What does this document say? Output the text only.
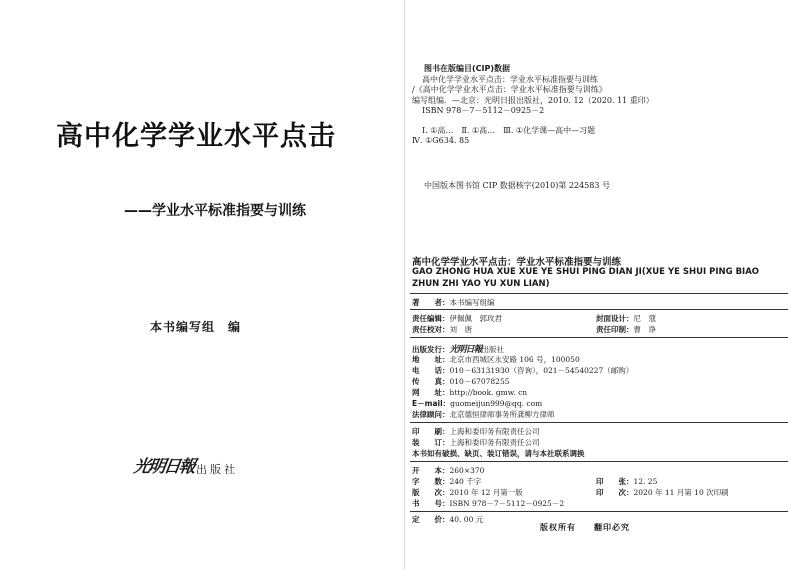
高中化学学业水平点击
——学业水平标准指要与训练
本书编写组　编
光明日報 出版社
图书在版编目(CIP)数据
高中化学学业水平点击：学业水平标准指要与训练
/《高中化学学业水平点击：学业水平标准指要与训练》
编写组编．—北京：光明日报出版社，2010. 12（2020. 11 重印）
ISBN 978－7－5112－0925－2
Ⅰ. ①高…　Ⅱ. ①高…　Ⅲ. ①化学课—高中—习题
Ⅳ. ①G634. 85
中国版本图书馆 CIP 数据核字(2010)第 224583 号
高中化学学业水平点击：学业水平标准指要与训练
GAO ZHONG HUA XUE XUE YE SHUI PING DIAN JI(XUE YE SHUI PING BIAO ZHUN ZHI YAO YU XUN LIAN)
著　　者：本书编写组编
责任编辑：伊佩佩　郭玫君	封面设计：尼　蔻
责任校对：刘　唐	责任印制：曹　诤
出版发行：光明日報出版社
地　　址：北京市西城区永安路 106 号，100050
电　　话：010－63131930（咨询），021－54540227（邮购）
传　　真：010－67078255
网　　址：http://book. gmw. cn
E－mail：guomeijun999@qq. com
法律顾问：北京德恒律师事务所龚柳方律师
印　　刷：上海和委印务有限责任公司
装　　订：上海和委印务有限责任公司
本书如有破损、缺页、装订错误，请与本社联系调换
开　　本：260×370
字　　数：240 千字	印　　张：12. 25
版　　次：2010 年 12 月第一版	印　　次：2020 年 11 月第 10 次印刷
书　　号：ISBN 978－7－5112－0925－2
定　　价：40. 00 元
版权所有　　翻印必究
